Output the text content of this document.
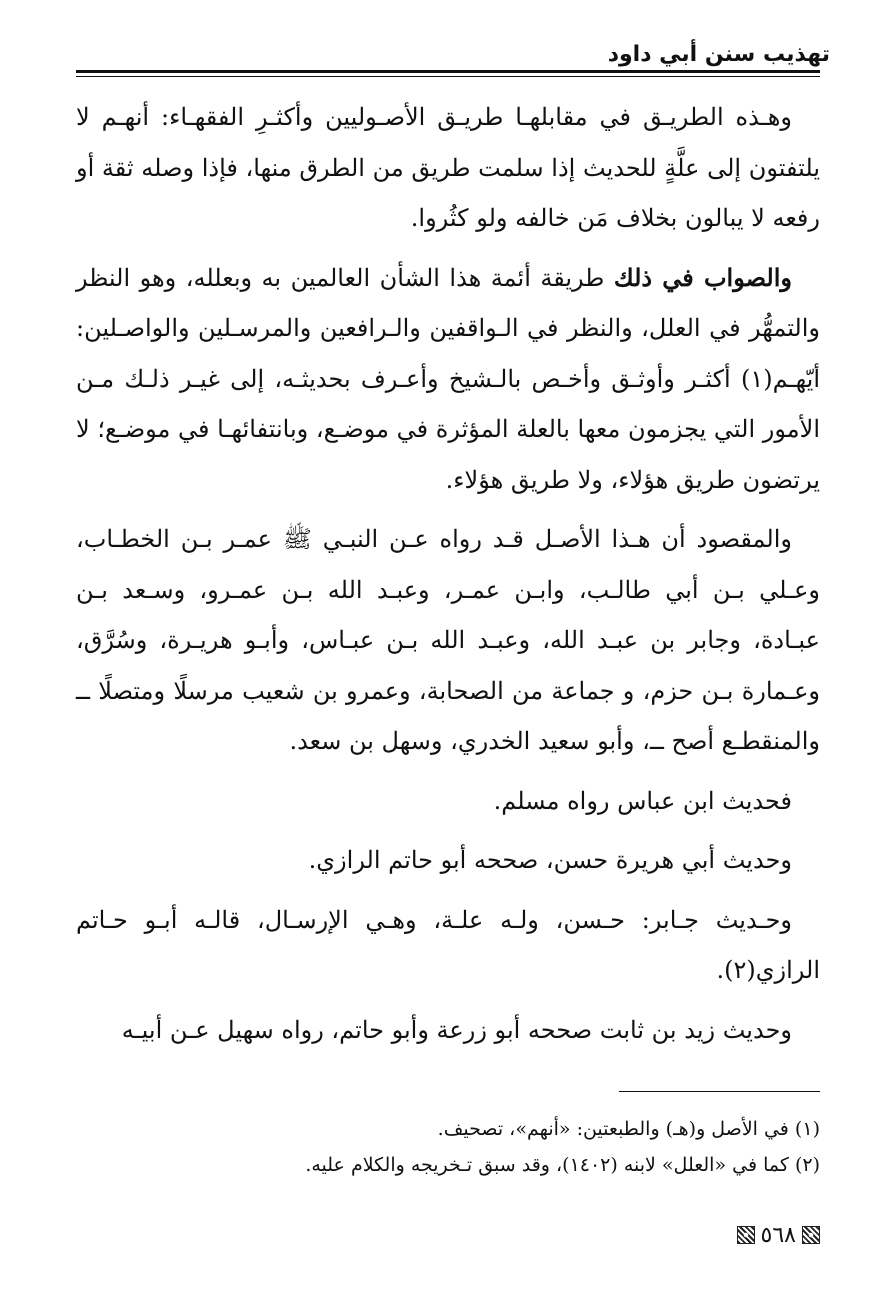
تهذيب سنن أبي داود

وهـذه الطريـق في مقابلهـا طريـق الأصـوليين وأكثـرِ الفقهـاء: أنهـم لا يلتفتون إلى علَّةٍ للحديث إذا سلمت طريق من الطرق منها، فإذا وصله ثقة أو رفعه لا يبالون بخلاف مَن خالفه ولو كثُروا.

والصواب في ذلك طريقة أئمة هذا الشأن العالمين به وبعلله، وهو النظر والتمهُّر في العلل، والنظر في الـواقفين والـرافعين والمرسـلين والواصـلين: أيّهـم(١) أكثـر وأوثـق وأخـص بالـشيخ وأعـرف بحديثـه، إلى غيـر ذلـك مـن الأمور التي يجزمون معها بالعلة المؤثرة في موضـع، وبانتفائهـا في موضـع؛ لا يرتضون طريق هؤلاء، ولا طريق هؤلاء.

والمقصود أن هـذا الأصـل قـد رواه عـن النبـي ﷺ عمـر بـن الخطـاب، وعـلي بـن أبي طالـب، وابـن عمـر، وعبـد الله بـن عمـرو، وسـعد بـن عبـادة، وجابر بن عبـد الله، وعبـد الله بـن عبـاس، وأبـو هريـرة، وسُرَّق، وعـمارة بـن حزم، و جماعة من الصحابة، وعمرو بن شعيب مرسلًا ومتصلًا ــ والمنقطـع أصح ــ، وأبو سعيد الخدري، وسهل بن سعد.

فحديث ابن عباس رواه مسلم.

وحديث أبي هريرة حسن، صححه أبو حاتم الرازي.

وحـديث جـابر: حـسن، ولـه علـة، وهـي الإرسـال، قالـه أبـو حـاتم الرازي(٢).

وحديث زيد بن ثابت صححه أبو زرعة وأبو حاتم، رواه سهيل عـن أبيـه

(١) في الأصل و(هـ) والطبعتين: «أنهم»، تصحيف.

(٢) كما في «العلل» لابنه (١٤٠٢)، وقد سبق تـخريجه والكلام عليه.

٥٦٨
